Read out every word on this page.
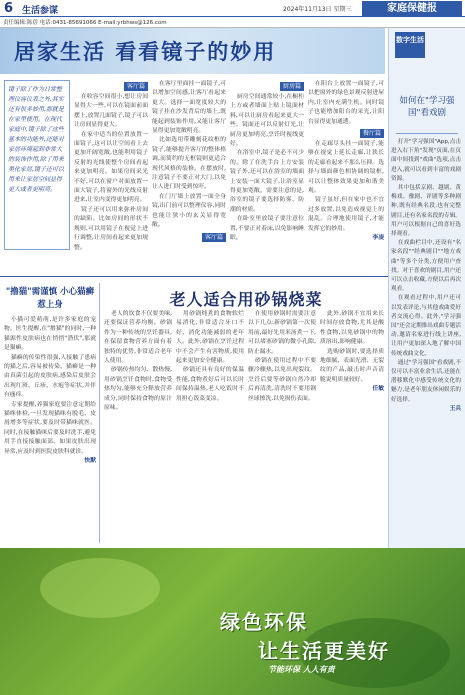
6 生活参谋	2024年11月13日 星期三	家庭保健报
责任编辑:陈蓓 电话:0431-85691066 E-mail:yrbhws@126.com
居家生活 看看镜子的妙用
镜子除了作为日常整理仪容仪表之外,其实还有很多妙用,那就是在家里使用。在现代家庭中,镜子除了这些基本的功能外,还能对家居环境起到非常大的装饰作用,除了用来美化家居,镜子还可以用来让家居空间显得更大或者更明亮。
客厅篇

在收容空间很小,想让房间显得大一些,可以在镜面前面摆上,放置几面镜子,镜子可以让房间显得更大。

在家中适当的位置放置一面镜子,这可以让空间看上去更加开阔宽敞,也能利用镜子反射的光线使整个房间看起来更加明亮。如果房间采光不好,可以在窗户对面放置一面大镜子,将窗外的光线反射进来,让室内变得更加明亮。

镜子还可以用来弥补房间的缺陷。比如房间的形状不规则,可以用镜子在视觉上进行调整,让房间看起来更加规整。

在客厅里面挂一面镜子,可以增加空间感,让客厅看起来更大。选择一面宽度较大的镜子挂在沙发背后的墙上,既能起到装饰作用,又能让客厅显得更加宽敞明亮。

比如选用带雕刻花纹框的镜子,能够提升客厅的整体格调,而简约的无框镜则更适合现代风格的装修。在摆放时,注意镜子不要正对大门,以免让人进门时受到惊吓。

在门厅墙上放置一面全身镜,出门前可以整理仪容,同时也能让狭小的玄关显得宽敞。

客厅篇
厨房篇

厨房空间通常较小,在橱柜上方或者墙面上贴上镜面材料,可以让厨房看起来更大一些。镜面还可以反射灯光,让厨房更加明亮,烹饪时视线更好。

在浴室中,镜子是必不可少的。除了在洗手台上方安装镜子外,还可以在浴室的墙面上安装一面大镜子,让浴室显得更加宽敞。需要注意的是,浴室的镜子要选择防雾、防潮的材质。

在卧室里放镜子要注意位置,不要正对着床,以免影响睡眠。

在阳台上放置一面镜子,可以把窗外的绿色景观反射进屋内,让室内充满生机。同时镜子也能增加阳台的采光,让阳台显得更加通透。

餐厅篇

在走廊尽头挂一面镜子,能够在视觉上延长走廊,让狭长的走廊看起来不那么压抑。选择与墙面颜色相协调的镜框,可以让整体效果更加和谐美观。

镜子虽好,但在家中也不宜过多放置,以免造成视觉上的混乱。合理地使用镜子,才能发挥它的妙用。

李凌

数字生活
如何在"学习强国"看戏剧

打开"学习强国"App,点击进入右下角"发现"页面,在页面中间找到"戏曲"选项,点击进入,就可以看到丰富的戏剧资源。

其中包括京剧、越剧、黄梅戏、豫剧、评剧等多种剧种,既有经典名段,也有完整剧目,还有名家名段的专辑。用户可以根据自己的喜好选择观看。

在戏曲栏目中,还设有"名家名段""经典剧目""地方戏曲"等多个分类,方便用户查找。对于喜欢的剧目,用户还可以点击收藏,方便以后再次观看。

在观看过程中,用户还可以发表评论,与其他戏曲爱好者交流心得。此外,"学习强国"还会定期推出戏曲专题活动,邀请名家进行线上讲座,让用户更加深入地了解中国传统戏曲文化。

通过"学习强国"看戏剧,不仅可以丰富业余生活,还能在潜移默化中感受传统文化的魅力,是老年朋友休闲娱乐的好选择。

王兵

"撸猫"需谨慎 小心猫癣惹上身

小猫可爱萌萌,是许多家庭的宠物。医生提醒,在"撸猫"的同时,一种猫源性皮肤病也在悄悄"潜伏",那就是猫癣。

猫癣的传染性很强,人接触了患病的猫之后,容易被传染。猫癣是一种由真菌引起的皮肤病,感染后皮肤会出现红斑、丘疹、水疱等症状,并伴有瘙痒。

专家提醒,养猫家庭要注意定期给猫咪体检,一旦发现猫咪有脱毛、皮屑增多等症状,要及时带猫咪就医。同时,在接触猫咪后要及时洗手,避免用手直接接触面部。如果皮肤出现异常,应及时到医院皮肤科就诊。

快默

老人适合用砂锅烧菜

老人的饮食不仅要美味,还要保证营养均衡。砂锅作为一种传统的烹饪器具,在保留食物营养方面有着独特的优势,非常适合老年人使用。

砂锅传热均匀、散热慢,用砂锅烹饪食物时,食物受热均匀,能够充分释放营养成分,同时保持食物的原汁原味。

用砂锅炖煮的食物软烂易消化,非常适合牙口不好、消化功能减弱的老年人。此外,砂锅在烹饪过程中不会产生有害物质,使用起来更加安全健康。

砂锅还具有良好的保温性能,食物煮好后可以长时间保持温热,老人吃饭时不用担心饭菜变凉。

在使用砂锅时需要注意以下几点:新砂锅第一次使用前,最好先用米汤煮一下,可以堵塞砂锅的微小孔隙,防止漏水。

砂锅在使用过程中不要骤冷骤热,以免出现裂纹。烹饪后要等砂锅自然冷却后再清洗,清洗时不要用钢丝球擦洗,以免损伤表面。

此外,砂锅不宜用来长时间存放食物,尤其是酸性食物,以免砂锅中的物质溶出,影响健康。

选购砂锅时,要选择质地细腻、表面光滑、无裂纹的产品,敲击时声音清脆说明质量较好。

任敏

绿色环保
让生活更美好
节能环保 人人有责
